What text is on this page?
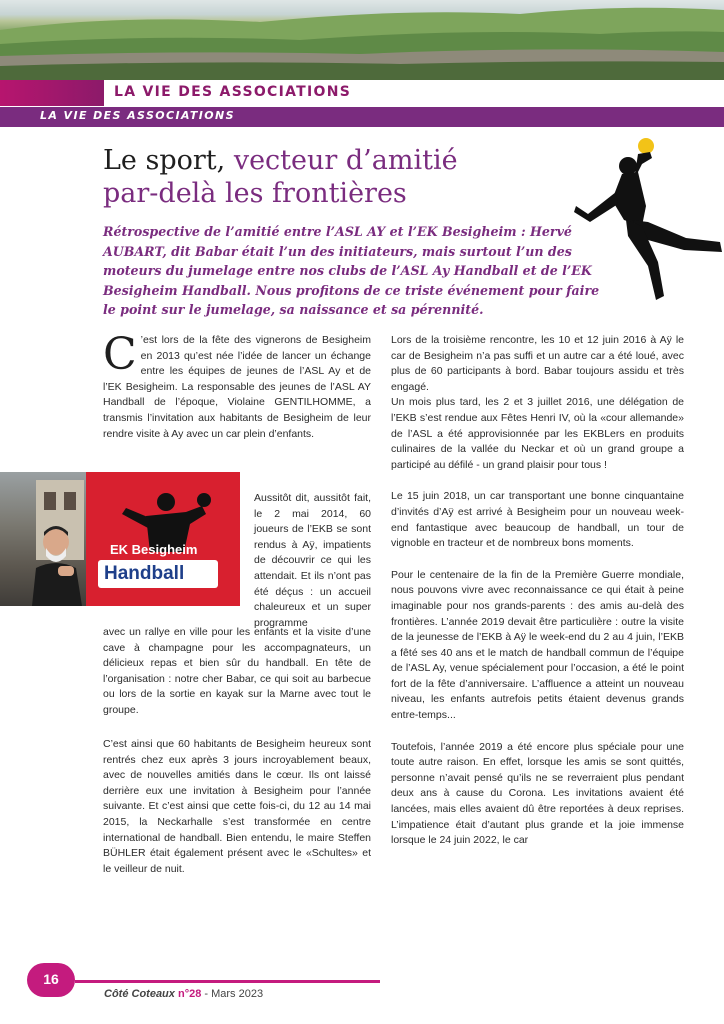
LA VIE DES ASSOCIATIONS
LA VIE DES ASSOCIATIONS
Le sport, vecteur d’amitié
par-delà les frontières
Rétrospective de l’amitié entre l’ASL AY et l’EK Besigheim : Hervé AUBART, dit Babar était l’un des initiateurs, mais surtout l’un des moteurs du jumelage entre nos clubs de l’ASL Ay Handball et de l’EK Besigheim Handball. Nous profitons de ce triste événement pour faire le point sur le jumelage, sa naissance et sa pérennité.
C ’est lors de la fête des vignerons de Besigheim en 2013 qu’est née l’idée de lancer un échange entre les équipes de jeunes de l’ASL Ay et de l’EK Besigheim. La responsable des jeunes de l’ASL AY Handball de l’époque, Violaine GENTILHOMME, a transmis l’invitation aux habitants de Besigheim de leur rendre visite à Ay avec un car plein d’enfants.
EK Besigheim
Handball
Aussitôt dit, aussitôt fait, le 2 mai 2014, 60 joueurs de l’EKB se sont rendus à Aÿ, impatients de découvrir ce qui les attendait. Et ils n’ont pas été déçus : un accueil chaleureux et un super programme
avec un rallye en ville pour les enfants et la visite d’une cave à champagne pour les accompagnateurs, un délicieux repas et bien sûr du handball. En tête de l’organisation : notre cher Babar, ce qui soit au barbecue ou lors de la sortie en kayak sur la Marne avec tout le groupe.
C’est ainsi que 60 habitants de Besigheim heureux sont rentrés chez eux après 3 jours incroyablement beaux, avec de nouvelles amitiés dans le cœur. Ils ont laissé derrière eux une invitation à Besigheim pour l’année suivante. Et c’est ainsi que cette fois-ci, du 12 au 14 mai 2015, la Neckarhalle s’est transformée en centre international de handball. Bien entendu, le maire Steffen BÜHLER était également présent avec le «Schultes» et le veilleur de nuit.

Lors de la troisième rencontre, les 10 et 12 juin 2016 à Aÿ le car de Besigheim n’a pas suffi et un autre car a été loué, avec plus de 60 participants à bord. Babar toujours assidu et très engagé.
Un mois plus tard, les 2 et 3 juillet 2016, une délégation de l’EKB s’est rendue aux Fêtes Henri IV, où la «cour allemande» de l’ASL a été approvisionnée par les EKBLers en produits culinaires de la vallée du Neckar et où un grand groupe a participé au défilé - un grand plaisir pour tous !

Le 15 juin 2018, un car transportant une bonne cinquantaine d’invités d’Aÿ est arrivé à Besigheim pour un nouveau week-end fantastique avec beaucoup de handball, un tour de vignoble en tracteur et de nombreux bons moments.

Pour le centenaire de la fin de la Première Guerre mondiale, nous pouvons vivre avec reconnaissance ce qui était à peine imaginable pour nos grands-parents : des amis au-delà des frontières. L’année 2019 devait être particulière : outre la visite de la jeunesse de l’EKB à Aÿ le week-end du 2 au 4 juin, l’EKB a fêté ses 40 ans et le match de handball commun de l’équipe de l’ASL Ay, venue spécialement pour l’occasion, a été le point fort de la fête d’anniversaire. L’affluence a atteint un nouveau niveau, les enfants autrefois petits étaient devenus grands entre-temps...

Toutefois, l’année 2019 a été encore plus spéciale pour une toute autre raison. En effet, lorsque les amis se sont quittés, personne n’avait pensé qu’ils ne se reverraient plus pendant deux ans à cause du Corona. Les invitations avaient été lancées, mais elles avaient dû être reportées à deux reprises. L’impatience était d’autant plus grande et la joie immense lorsque le 24 juin 2022, le car

16
Côté Coteaux n°28 - Mars 2023
